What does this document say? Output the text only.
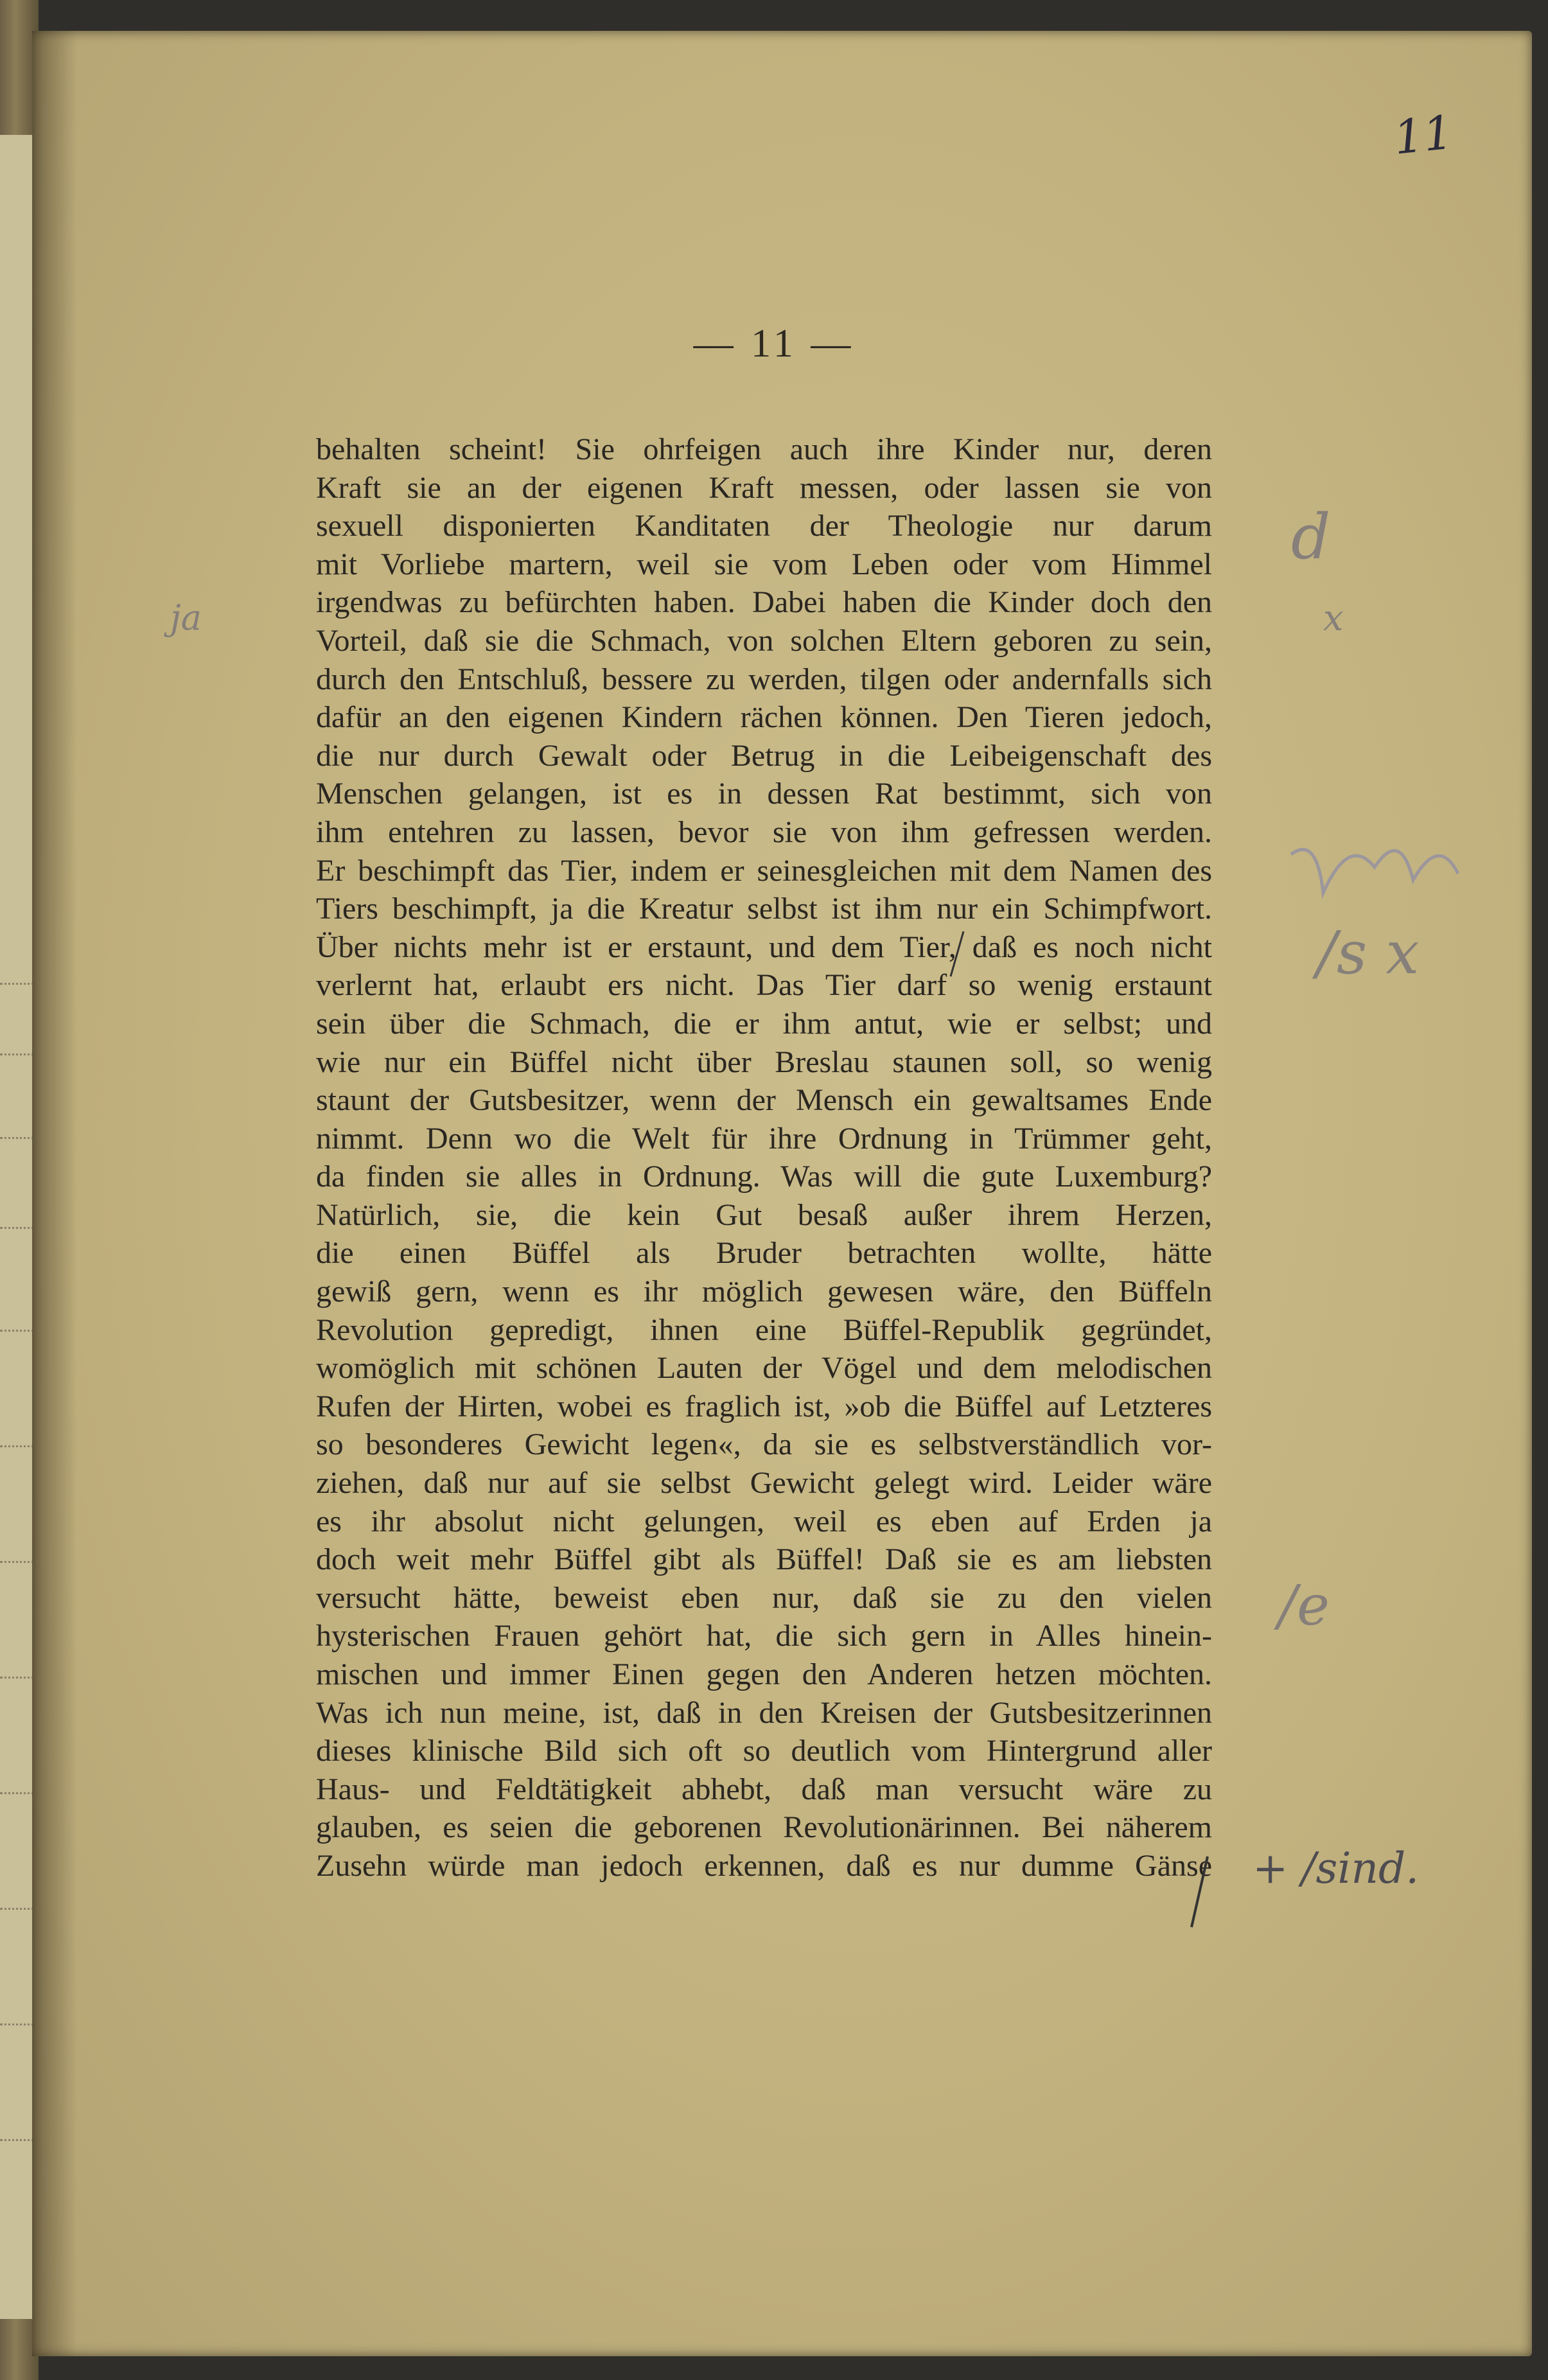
11
— 11 —
behalten scheint! Sie ohrfeigen auch ihre Kinder nur, deren
Kraft sie an der eigenen Kraft messen, oder lassen sie von
sexuell disponierten Kanditaten der Theologie nur darum
mit Vorliebe martern, weil sie vom Leben oder vom Himmel
irgendwas zu befürchten haben. Dabei haben die Kinder doch den
Vorteil, daß sie die Schmach, von solchen Eltern geboren zu sein,
durch den Entschluß, bessere zu werden, tilgen oder andernfalls sich
dafür an den eigenen Kindern rächen können. Den Tieren jedoch,
die nur durch Gewalt oder Betrug in die Leibeigenschaft des
Menschen gelangen, ist es in dessen Rat bestimmt, sich von
ihm entehren zu lassen, bevor sie von ihm gefressen werden.
Er beschimpft das Tier, indem er seinesgleichen mit dem Namen des
Tiers beschimpft, ja die Kreatur selbst ist ihm nur ein Schimpfwort.
Über nichts mehr ist er erstaunt, und dem Tier, daß es noch nicht
verlernt hat, erlaubt ers nicht. Das Tier darf so wenig erstaunt
sein über die Schmach, die er ihm antut, wie er selbst; und
wie nur ein Büffel nicht über Breslau staunen soll, so wenig
staunt der Gutsbesitzer, wenn der Mensch ein gewaltsames Ende
nimmt. Denn wo die Welt für ihre Ordnung in Trümmer geht,
da finden sie alles in Ordnung. Was will die gute Luxemburg?
Natürlich, sie, die kein Gut besaß außer ihrem Herzen,
die einen Büffel als Bruder betrachten wollte, hätte
gewiß gern, wenn es ihr möglich gewesen wäre, den Büffeln
Revolution gepredigt, ihnen eine Büffel-Republik gegründet,
womöglich mit schönen Lauten der Vögel und dem melodischen
Rufen der Hirten, wobei es fraglich ist, »ob die Büffel auf Letzteres
so besonderes Gewicht legen«, da sie es selbstverständlich vor-
ziehen, daß nur auf sie selbst Gewicht gelegt wird. Leider wäre
es ihr absolut nicht gelungen, weil es eben auf Erden ja
doch weit mehr Büffel gibt als Büffel! Daß sie es am liebsten
versucht hätte, beweist eben nur, daß sie zu den vielen
hysterischen Frauen gehört hat, die sich gern in Alles hinein-
mischen und immer Einen gegen den Anderen hetzen möchten.
Was ich nun meine, ist, daß in den Kreisen der Gutsbesitzerinnen
dieses klinische Bild sich oft so deutlich vom Hintergrund aller
Haus- und Feldtätigkeit abhebt, daß man versucht wäre zu
glauben, es seien die geborenen Revolutionärinnen. Bei näherem
Zusehn würde man jedoch erkennen, daß es nur dumme Gänse
ja
d
x
/s x
/e
+ /sind.
